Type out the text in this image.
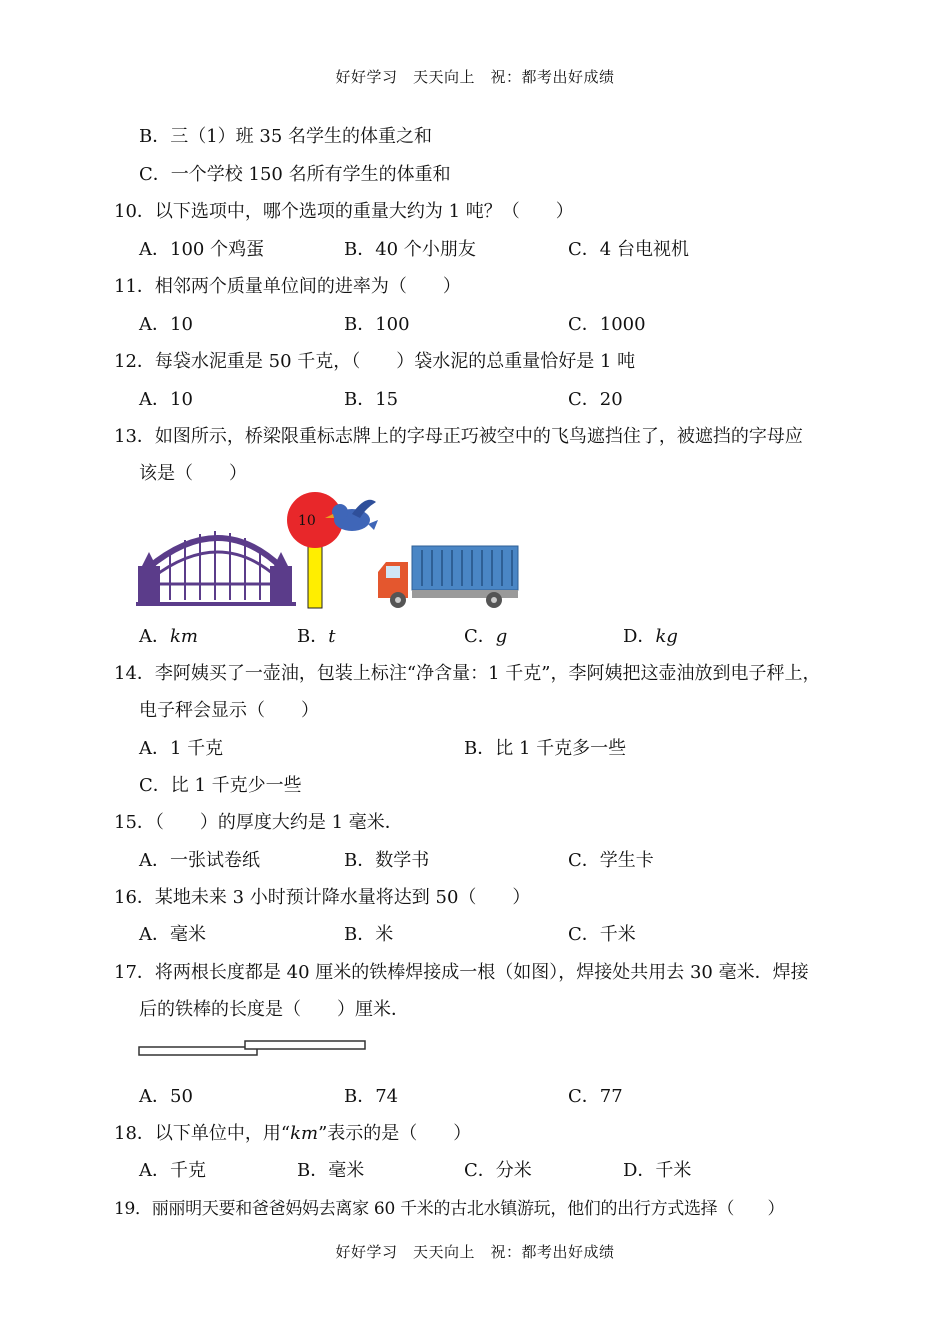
好好学习　天天向上　祝：都考出好成绩
B．三（1）班 35 名学生的体重之和
C．一个学校 150 名所有学生的体重和
10．以下选项中，哪个选项的重量大约为 1 吨？（　　）
A．100 个鸡蛋	B．40 个小朋友	C．4 台电视机
11．相邻两个质量单位间的进率为（　　）
A．10	B．100	C．1000
12．每袋水泥重是 50 千克，（　　）袋水泥的总重量恰好是 1 吨
A．10	B．15	C．20
13．如图所示，桥梁限重标志牌上的字母正巧被空中的飞鸟遮挡住了，被遮挡的字母应
该是（　　）
10
A．km	B．t	C．g	D．kg
14．李阿姨买了一壶油，包装上标注“净含量：1 千克”，李阿姨把这壶油放到电子秤上，
电子秤会显示（　　）
A．1 千克	B．比 1 千克多一些
C．比 1 千克少一些
15．（　　）的厚度大约是 1 毫米．
A．一张试卷纸	B．数学书	C．学生卡
16．某地未来 3 小时预计降水量将达到 50（　　）
A．毫米	B．米	C．千米
17．将两根长度都是 40 厘米的铁棒焊接成一根（如图），焊接处共用去 30 毫米．焊接
后的铁棒的长度是（　　）厘米．
A．50	B．74	C．77
18．以下单位中，用“km”表示的是（　　）
A．千克	B．毫米	C．分米	D．千米
19．丽丽明天要和爸爸妈妈去离家 60 千米的古北水镇游玩，他们的出行方式选择（　　）
好好学习　天天向上　祝：都考出好成绩
